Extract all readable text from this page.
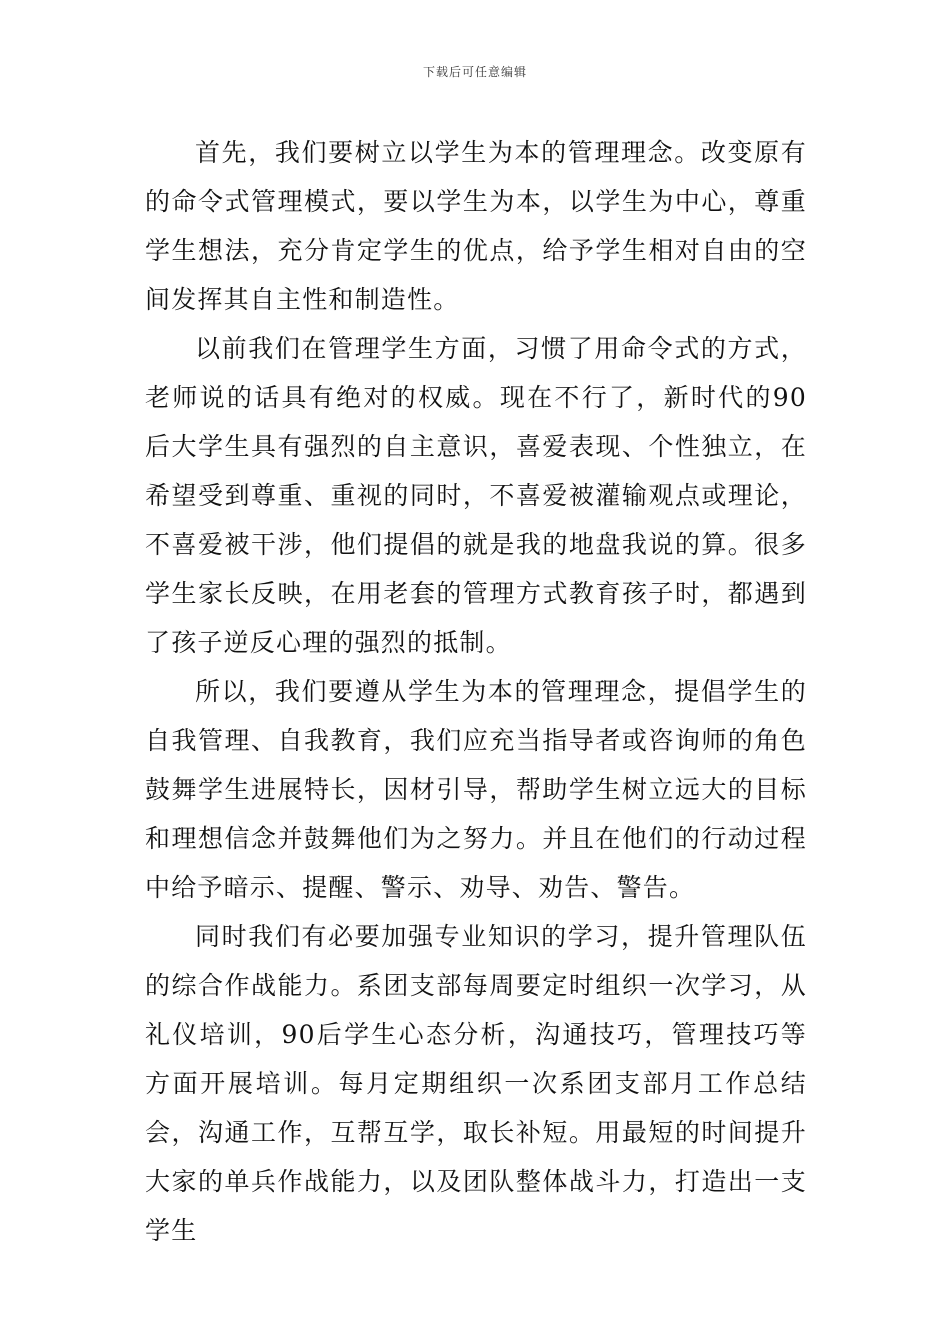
下载后可任意编辑

首先，我们要树立以学生为本的管理理念。改变原有的命令式管理模式，要以学生为本，以学生为中心，尊重学生想法，充分肯定学生的优点，给予学生相对自由的空间发挥其自主性和制造性。

以前我们在管理学生方面，习惯了用命令式的方式，老师说的话具有绝对的权威。现在不行了，新时代的90后大学生具有强烈的自主意识，喜爱表现、个性独立，在希望受到尊重、重视的同时，不喜爱被灌输观点或理论，不喜爱被干涉，他们提倡的就是我的地盘我说的算。很多学生家长反映，在用老套的管理方式教育孩子时，都遇到了孩子逆反心理的强烈的抵制。

所以，我们要遵从学生为本的管理理念，提倡学生的自我管理、自我教育，我们应充当指导者或咨询师的角色鼓舞学生进展特长，因材引导，帮助学生树立远大的目标和理想信念并鼓舞他们为之努力。并且在他们的行动过程中给予暗示、提醒、警示、劝导、劝告、警告。

同时我们有必要加强专业知识的学习，提升管理队伍的综合作战能力。系团支部每周要定时组织一次学习，从礼仪培训，90后学生心态分析，沟通技巧，管理技巧等方面开展培训。每月定期组织一次系团支部月工作总结会，沟通工作，互帮互学，取长补短。用最短的时间提升大家的单兵作战能力，以及团队整体战斗力，打造出一支学生
